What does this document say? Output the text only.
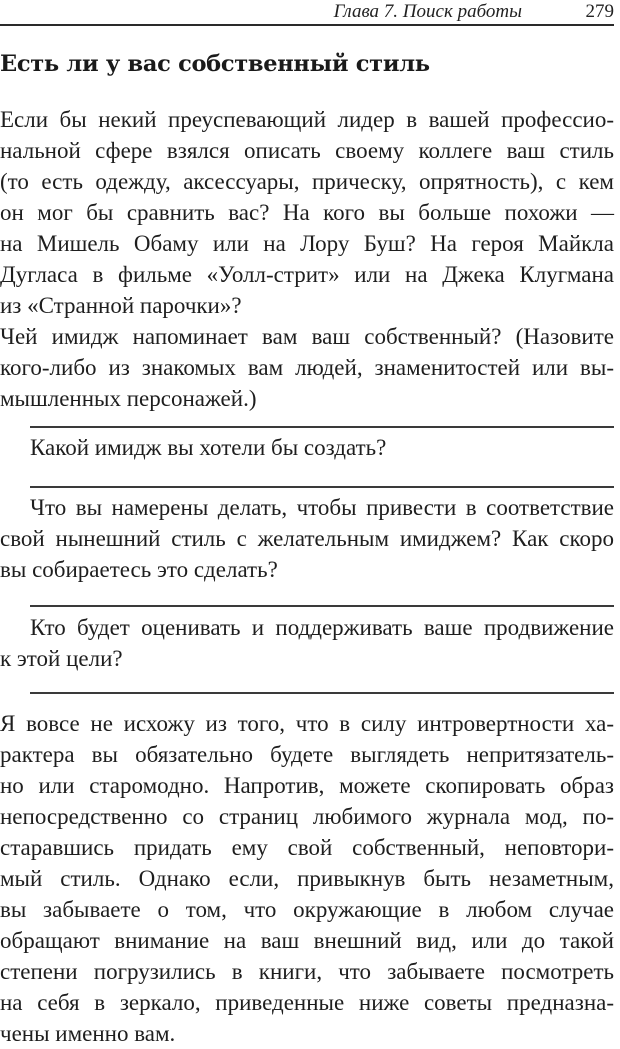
Глава 7. Поиск работы	279
Есть ли у вас собственный стиль
Если бы некий преуспевающий лидер в вашей профессио-
нальной сфере взялся описать своему коллеге ваш стиль
(то есть одежду, аксессуары, прическу, опрятность), с кем
он мог бы сравнить вас? На кого вы больше похожи —
на Мишель Обаму или на Лору Буш? На героя Майкла
Дугласа в фильме «Уолл-стрит» или на Джека Клугмана
из «Странной парочки»?
Чей имидж напоминает вам ваш собственный? (Назовите
кого-либо из знакомых вам людей, знаменитостей или вы-
мышленных персонажей.)
Какой имидж вы хотели бы создать?
Что вы намерены делать, чтобы привести в соответствие
свой нынешний стиль с желательным имиджем? Как скоро
вы собираетесь это сделать?
Кто будет оценивать и поддерживать ваше продвижение
к этой цели?
Я вовсе не исхожу из того, что в силу интровертности ха-
рактера вы обязательно будете выглядеть непритязатель-
но или старомодно. Напротив, можете скопировать образ
непосредственно со страниц любимого журнала мод, по-
старавшись придать ему свой собственный, неповтори-
мый стиль. Однако если, привыкнув быть незаметным,
вы забываете о том, что окружающие в любом случае
обращают внимание на ваш внешний вид, или до такой
степени погрузились в книги, что забываете посмотреть
на себя в зеркало, приведенные ниже советы предназна-
чены именно вам.
